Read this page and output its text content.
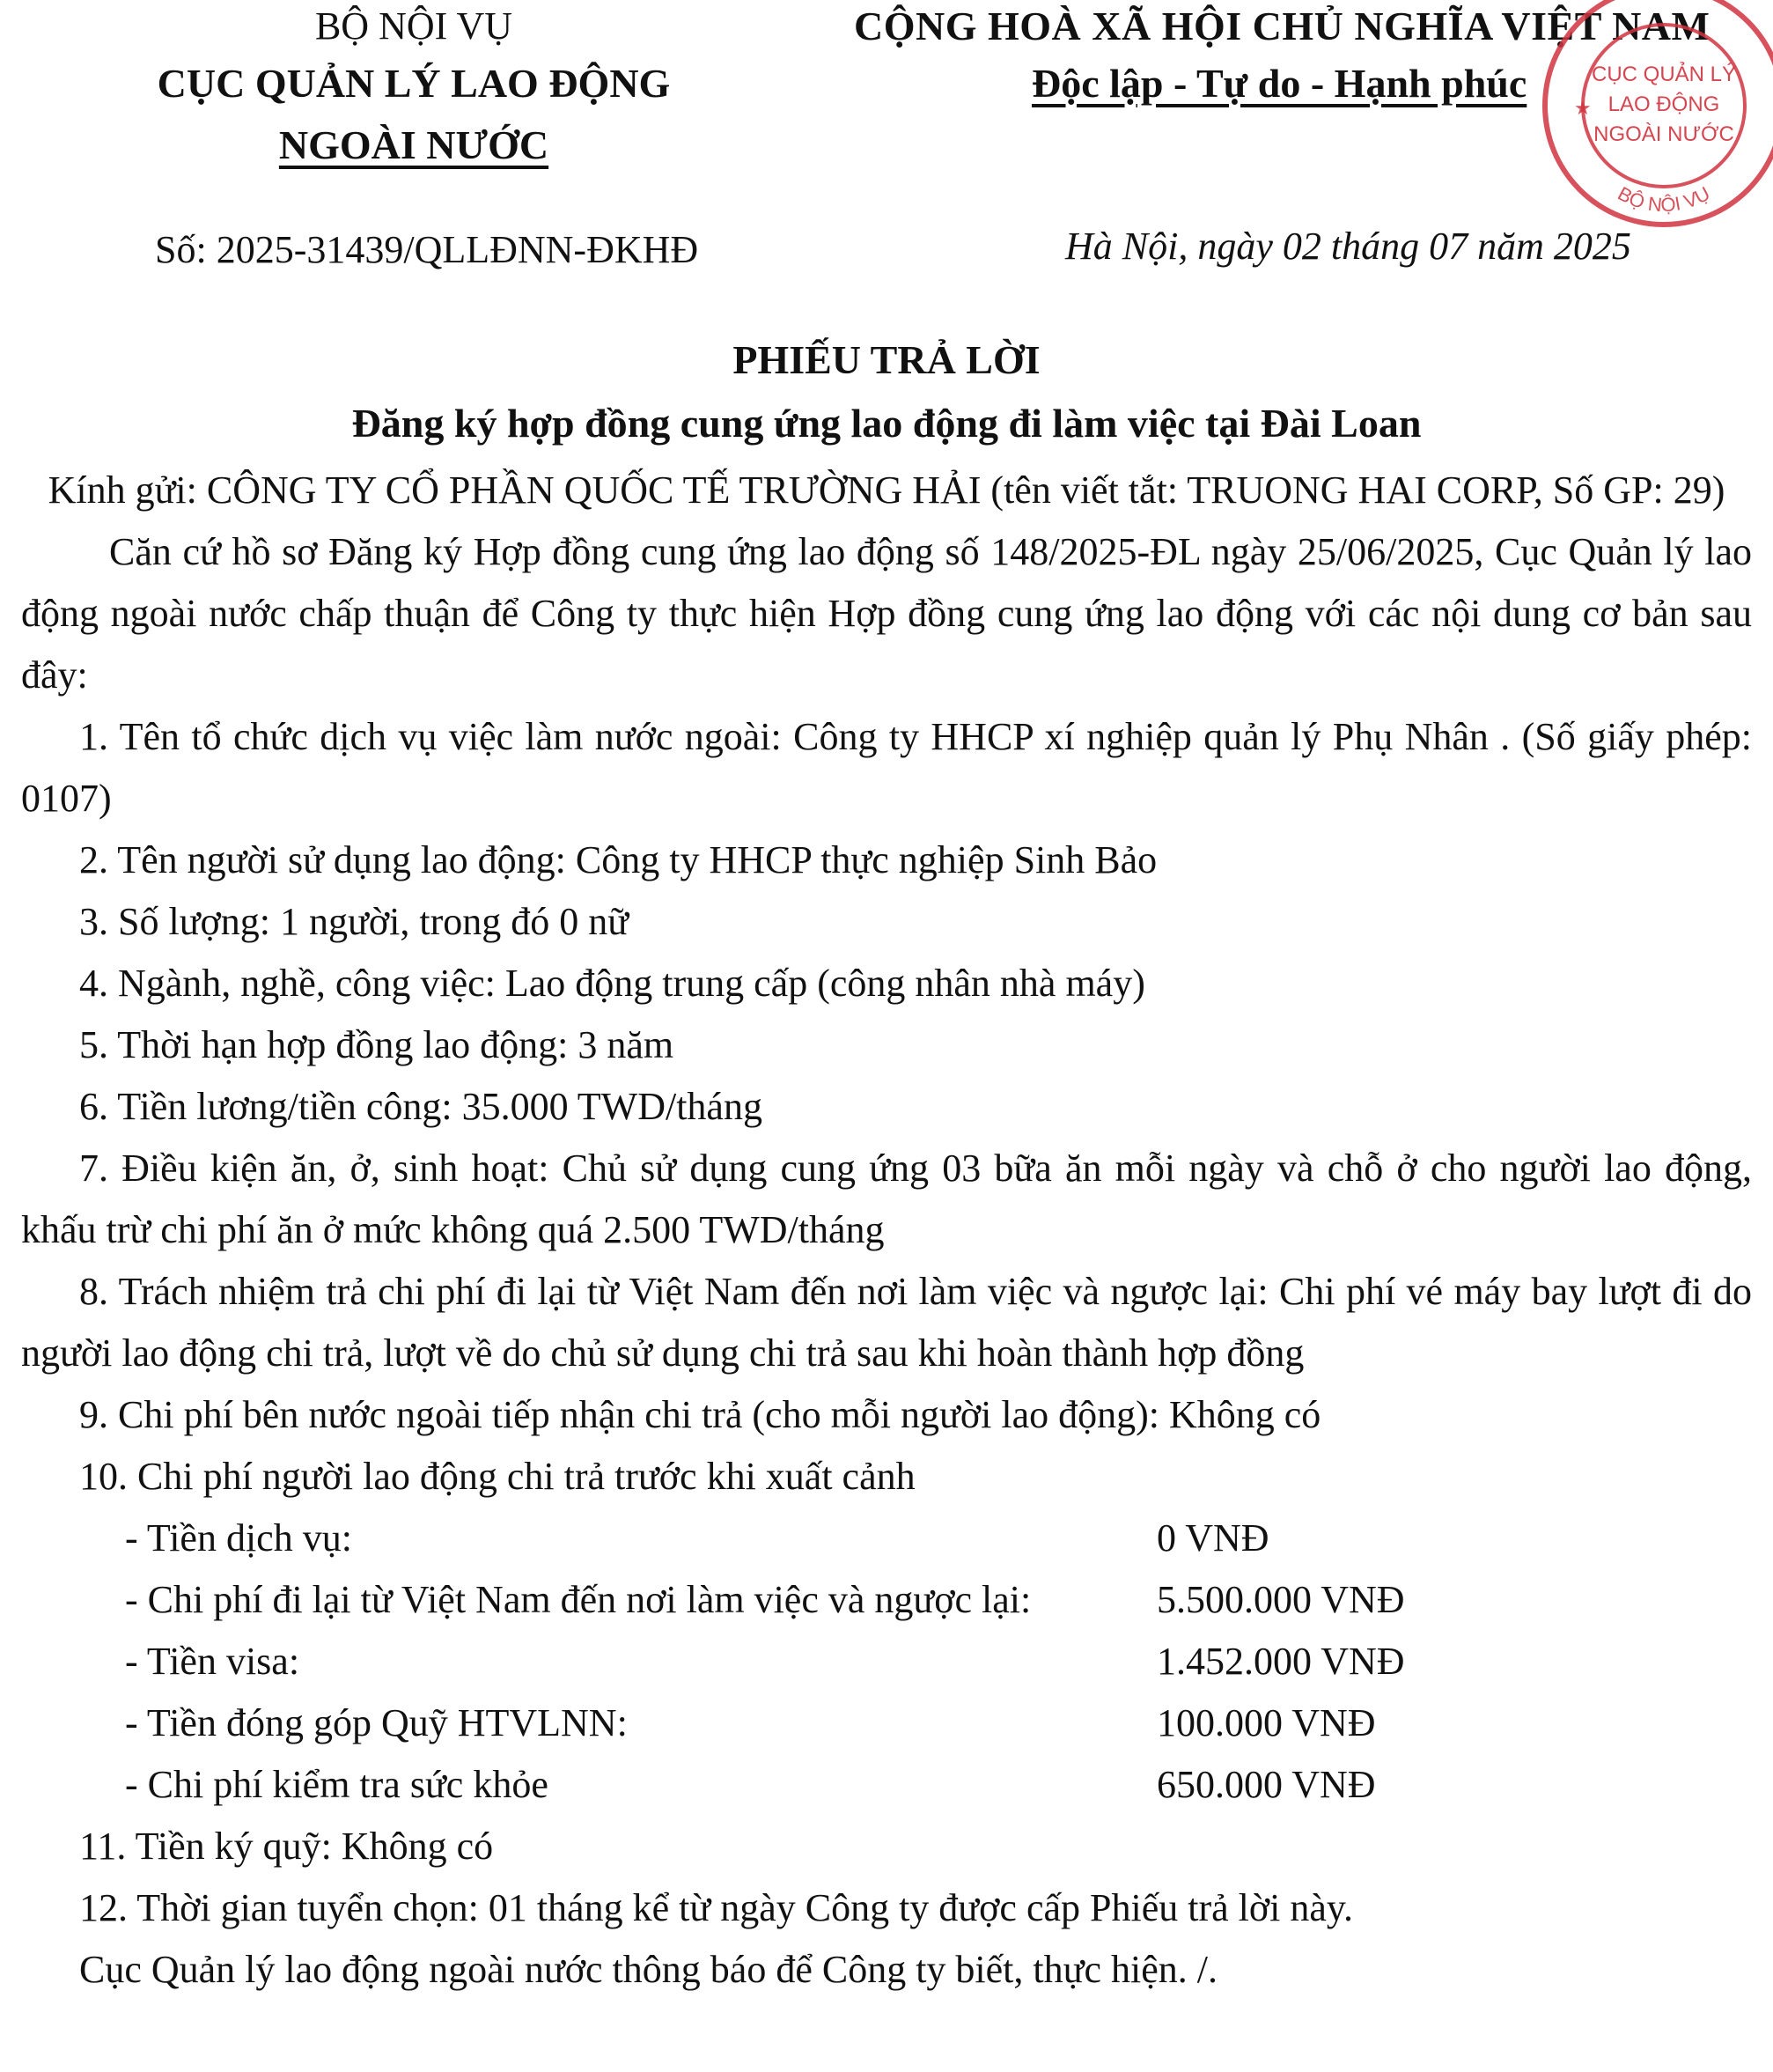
BỘ NỘI VỤ
CỤC QUẢN LÝ LAO ĐỘNG
NGOÀI NƯỚC
CỘNG HOÀ XÃ HỘI CHỦ NGHĨA VIỆT NAM
Độc lập - Tự do - Hạnh phúc
BỘ NỘI VỤ
CỤC QUẢN LÝ
LAO ĐỘNG
NGOÀI NƯỚC
★
Số: 2025-31439/QLLĐNN-ĐKHĐ	Hà Nội, ngày 02 tháng 07 năm 2025
PHIẾU TRẢ LỜI
Đăng ký hợp đồng cung ứng lao động đi làm việc tại Đài Loan
Kính gửi: CÔNG TY CỔ PHẦN QUỐC TẾ TRƯỜNG HẢI (tên viết tắt: TRUONG HAI CORP, Số GP: 29)
Căn cứ hồ sơ Đăng ký Hợp đồng cung ứng lao động số 148/2025-ĐL ngày 25/06/2025, Cục Quản lý lao động ngoài nước chấp thuận để Công ty thực hiện Hợp đồng cung ứng lao động với các nội dung cơ bản sau đây:
1. Tên tổ chức dịch vụ việc làm nước ngoài: Công ty HHCP xí nghiệp quản lý Phụ Nhân . (Số giấy phép: 0107)
2. Tên người sử dụng lao động: Công ty HHCP thực nghiệp Sinh Bảo
3. Số lượng: 1 người, trong đó 0 nữ
4. Ngành, nghề, công việc: Lao động trung cấp (công nhân nhà máy)
5. Thời hạn hợp đồng lao động: 3 năm
6. Tiền lương/tiền công: 35.000 TWD/tháng
7. Điều kiện ăn, ở, sinh hoạt: Chủ sử dụng cung ứng 03 bữa ăn mỗi ngày và chỗ ở cho người lao động, khấu trừ chi phí ăn ở mức không quá 2.500 TWD/tháng
8. Trách nhiệm trả chi phí đi lại từ Việt Nam đến nơi làm việc và ngược lại: Chi phí vé máy bay lượt đi do người lao động chi trả, lượt về do chủ sử dụng chi trả sau khi hoàn thành hợp đồng
9. Chi phí bên nước ngoài tiếp nhận chi trả (cho mỗi người lao động): Không có
10. Chi phí người lao động chi trả trước khi xuất cảnh
- Tiền dịch vụ:	0 VNĐ
- Chi phí đi lại từ Việt Nam đến nơi làm việc và ngược lại:	5.500.000 VNĐ
- Tiền visa:	1.452.000 VNĐ
- Tiền đóng góp Quỹ HTVLNN:	100.000 VNĐ
- Chi phí kiểm tra sức khỏe	650.000 VNĐ
11. Tiền ký quỹ: Không có
12. Thời gian tuyển chọn: 01 tháng kể từ ngày Công ty được cấp Phiếu trả lời này.
Cục Quản lý lao động ngoài nước thông báo để Công ty biết, thực hiện. /.
